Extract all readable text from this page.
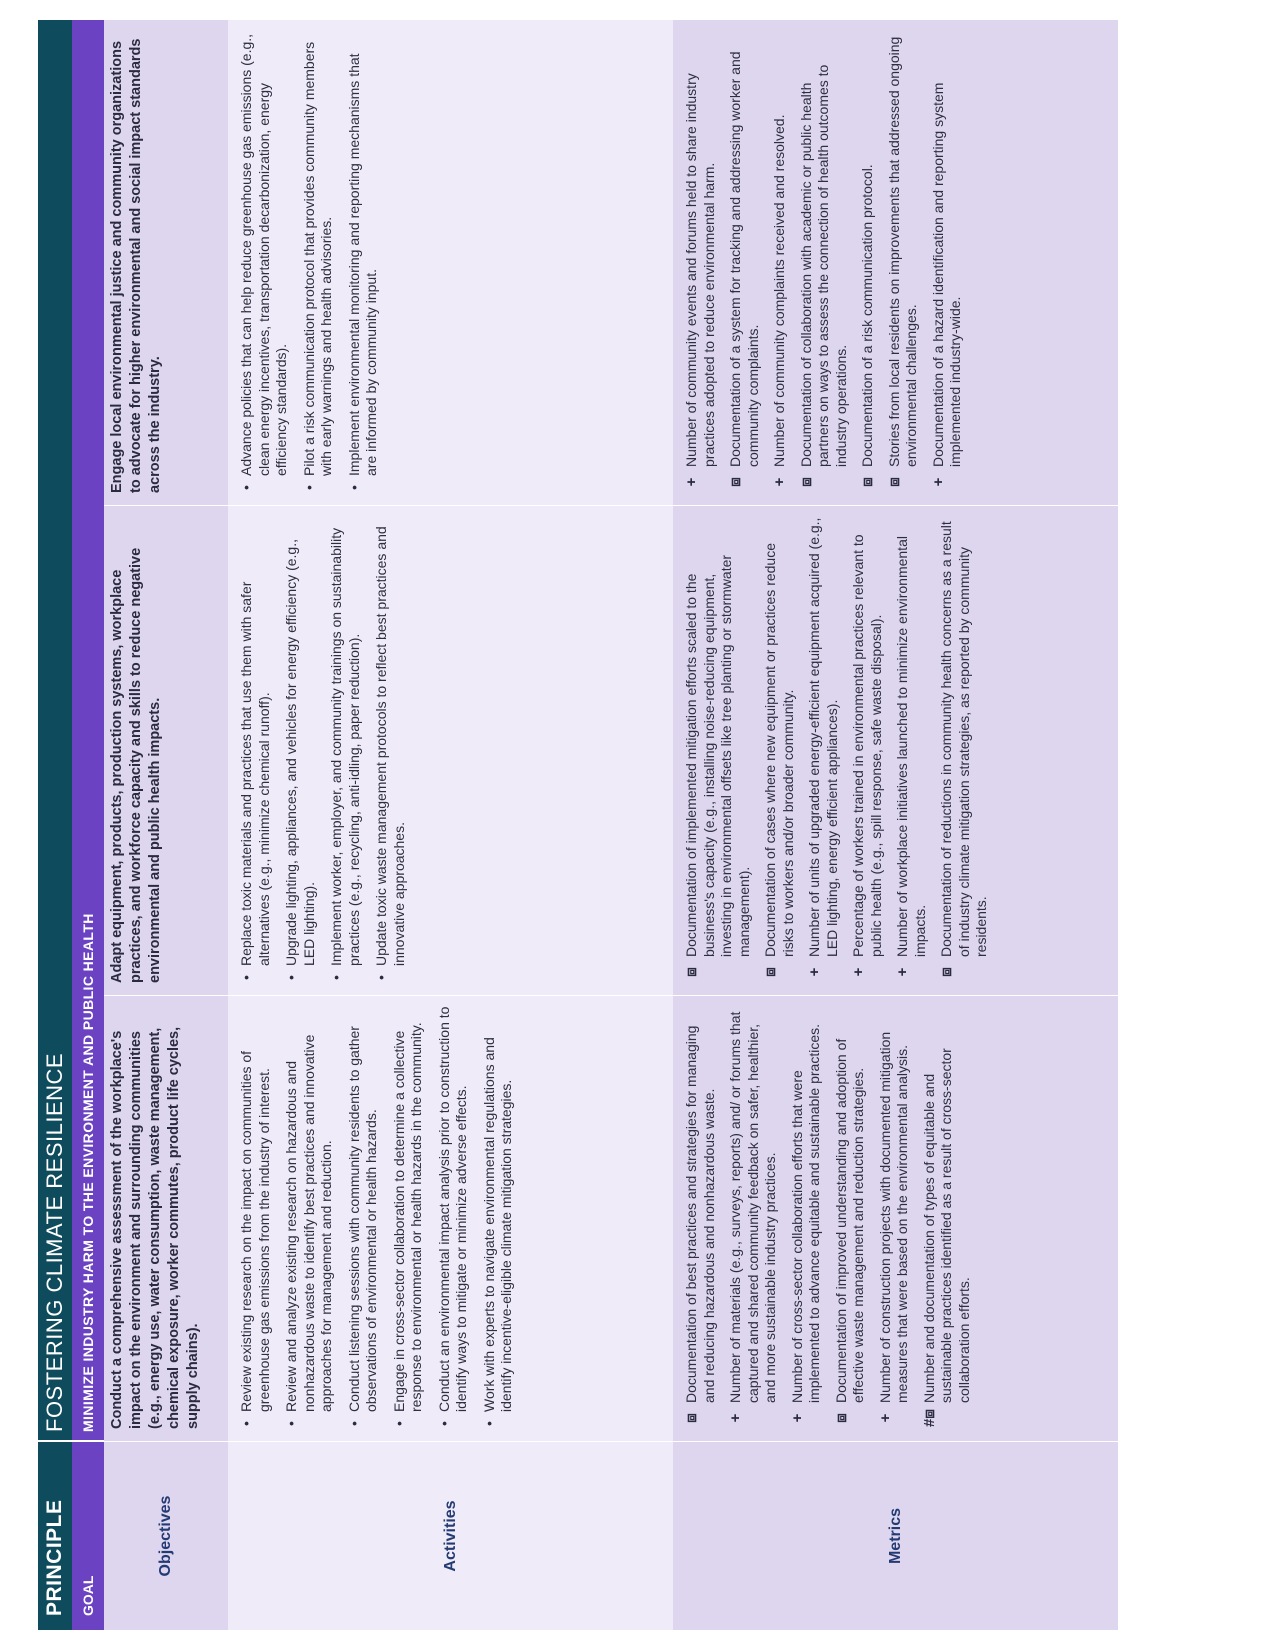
PRINCIPLE
FOSTERING CLIMATE RESILIENCE
GOAL
MINIMIZE INDUSTRY HARM TO THE ENVIRONMENT AND PUBLIC HEALTH
Objectives
Conduct a comprehensive assessment of the workplace's impact on the environment and surrounding communities (e.g., energy use, water consumption, waste management, chemical exposure, worker commutes, product life cycles, supply chains).
Adapt equipment, products, production systems, workplace practices, and workforce capacity and skills to reduce negative environmental and public health impacts.
Engage local environmental justice and community organizations to advocate for higher environmental and social impact standards across the industry.
Activities
• Review existing research on the impact on communities of greenhouse gas emissions from the industry of interest. • Review and analyze existing research on hazardous and nonhazardous waste to identify best practices and innovative approaches for management and reduction. • Conduct listening sessions with community residents to gather observations of environmental or health hazards. • Engage in cross-sector collaboration to determine a collective response to environmental or health hazards in the community. • Conduct an environmental impact analysis prior to construction to identify ways to mitigate or minimize adverse effects. • Work with experts to navigate environmental regulations and identify incentive-eligible climate mitigation strategies.
• Replace toxic materials and practices that use them with safer alternatives (e.g., minimize chemical runoff). • Upgrade lighting, appliances, and vehicles for energy efficiency (e.g., LED lighting). • Implement worker, employer, and community trainings on sustainability practices (e.g., recycling, anti-idling, paper reduction). • Update toxic waste management protocols to reflect best practices and innovative approaches.
• Advance policies that can help reduce greenhouse gas emissions (e.g., clean energy incentives, transportation decarbonization, energy efficiency standards). • Pilot a risk communication protocol that provides community members with early warnings and health advisories. • Implement environmental monitoring and reporting mechanisms that are informed by community input.
Metrics
⧈
Documentation of best practices and strategies for managing and reducing hazardous and nonhazardous waste.
+
Number of materials (e.g., surveys, reports) and/ or forums that captured and shared community feedback on safer, healthier, and more sustainable industry practices.
+
Number of cross-sector collaboration efforts that were implemented to advance equitable and sustainable practices.
⧈
Documentation of improved understanding and adoption of effective waste management and reduction strategies.
+
Number of construction projects with documented mitigation measures that were based on the environmental analysis.
#⧈
Number and documentation of types of equitable and sustainable practices identified as a result of cross-sector collaboration efforts.
⧈
Documentation of implemented mitigation efforts scaled to the business's capacity (e.g., installing noise-reducing equipment, investing in environmental offsets like tree planting or stormwater management).
⧈
Documentation of cases where new equipment or practices reduce risks to workers and/or broader community.
+
Number of units of upgraded energy-efficient equipment acquired (e.g., LED lighting, energy efficient appliances).
+
Percentage of workers trained in environmental practices relevant to public health (e.g., spill response, safe waste disposal).
+
Number of workplace initiatives launched to minimize environmental impacts.
⧈
Documentation of reductions in community health concerns as a result of industry climate mitigation strategies, as reported by community residents.
+
Number of community events and forums held to share industry practices adopted to reduce environmental harm.
⧈
Documentation of a system for tracking and addressing worker and community complaints.
+
Number of community complaints received and resolved.
⧈
Documentation of collaboration with academic or public health partners on ways to assess the connection of health outcomes to industry operations.
⧈
Documentation of a risk communication protocol.
⧈
Stories from local residents on improvements that addressed ongoing environmental challenges.
+
Documentation of a hazard identification and reporting system implemented industry-wide.
